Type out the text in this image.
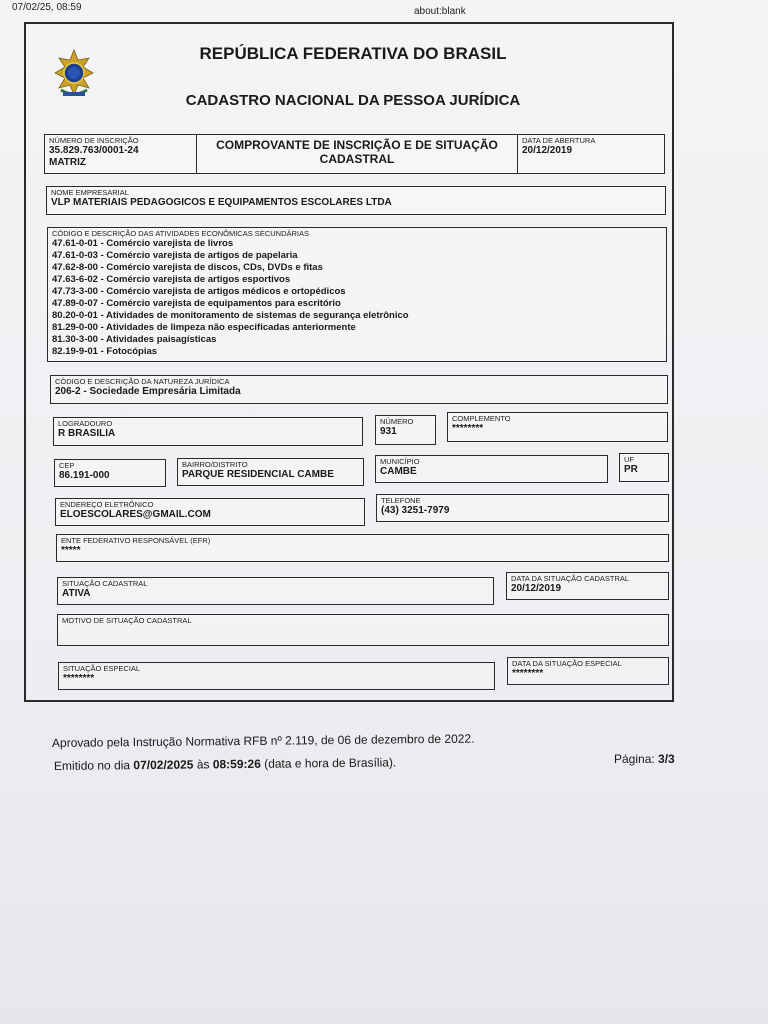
07/02/25, 08:59	about:blank
REPÚBLICA FEDERATIVA DO BRASIL
CADASTRO NACIONAL DA PESSOA JURÍDICA
NÚMERO DE INSCRIÇÃO
35.829.763/0001-24
MATRIZ
COMPROVANTE DE INSCRIÇÃO E DE SITUAÇÃO
CADASTRAL
DATA DE ABERTURA
20/12/2019
NOME EMPRESARIAL
VLP MATERIAIS PEDAGOGICOS E EQUIPAMENTOS ESCOLARES LTDA
CÓDIGO E DESCRIÇÃO DAS ATIVIDADES ECONÔMICAS SECUNDÁRIAS
47.61-0-01 - Comércio varejista de livros
47.61-0-03 - Comércio varejista de artigos de papelaria
47.62-8-00 - Comércio varejista de discos, CDs, DVDs e fitas
47.63-6-02 - Comércio varejista de artigos esportivos
47.73-3-00 - Comércio varejista de artigos médicos e ortopédicos
47.89-0-07 - Comércio varejista de equipamentos para escritório
80.20-0-01 - Atividades de monitoramento de sistemas de segurança eletrônico
81.29-0-00 - Atividades de limpeza não especificadas anteriormente
81.30-3-00 - Atividades paisagísticas
82.19-9-01 - Fotocópias
CÓDIGO E DESCRIÇÃO DA NATUREZA JURÍDICA
206-2 - Sociedade Empresária Limitada
LOGRADOURO
R BRASILIA
NÚMERO
931
COMPLEMENTO
********
CEP
86.191-000
BAIRRO/DISTRITO
PARQUE RESIDENCIAL CAMBE
MUNICÍPIO
CAMBE
UF
PR
ENDEREÇO ELETRÔNICO
ELOESCOLARES@GMAIL.COM
TELEFONE
(43) 3251-7979
ENTE FEDERATIVO RESPONSÁVEL (EFR)
*****
SITUAÇÃO CADASTRAL
ATIVA
DATA DA SITUAÇÃO CADASTRAL
20/12/2019
MOTIVO DE SITUAÇÃO CADASTRAL
SITUAÇÃO ESPECIAL
********
DATA DA SITUAÇÃO ESPECIAL
********
Aprovado pela Instrução Normativa RFB nº 2.119, de 06 de dezembro de 2022.
Emitido no dia 07/02/2025 às 08:59:26 (data e hora de Brasília).	Página: 3/3
